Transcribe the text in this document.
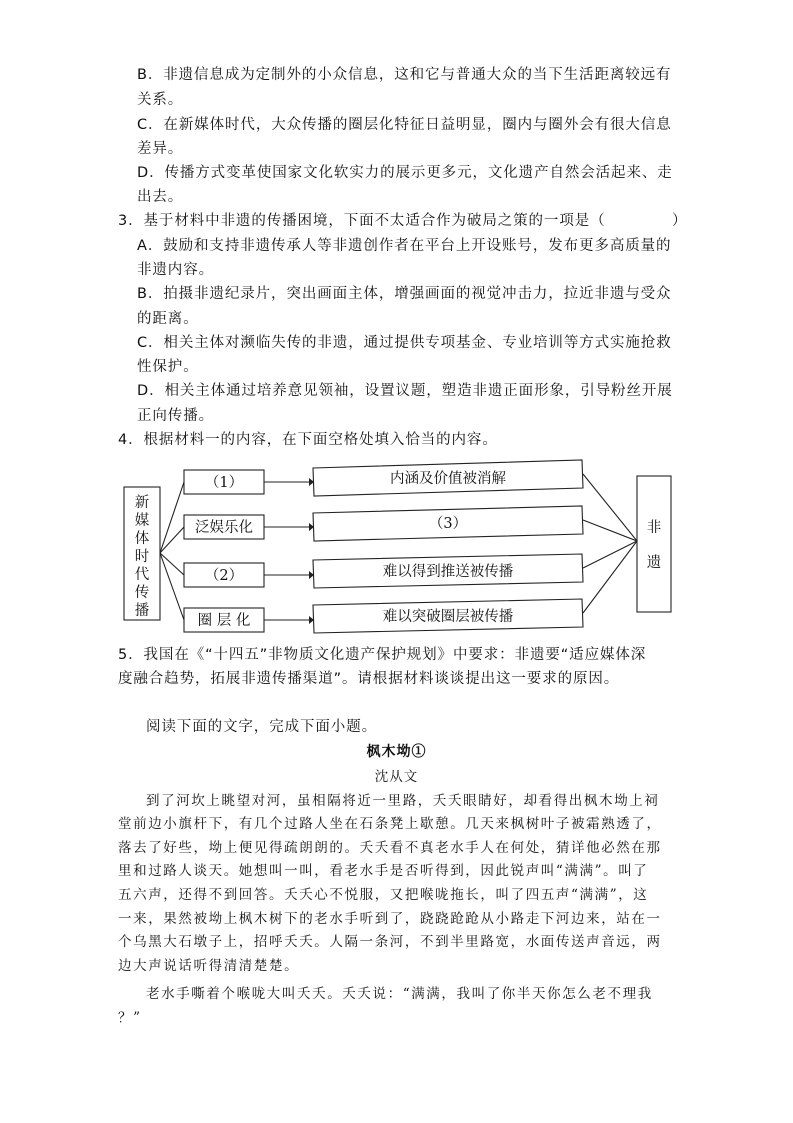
B．非遗信息成为定制外的小众信息，这和它与普通大众的当下生活距离较远有
关系。
C．在新媒体时代，大众传播的圈层化特征日益明显，圈内与圈外会有很大信息
差异。
D．传播方式变革使国家文化软实力的展示更多元，文化遗产自然会活起来、走
出去。
3．基于材料中非遗的传播困境，下面不太适合作为破局之策的一项是（	）
A．鼓励和支持非遗传承人等非遗创作者在平台上开设账号，发布更多高质量的
非遗内容。
B．拍摄非遗纪录片，突出画面主体，增强画面的视觉冲击力，拉近非遗与受众
的距离。
C．相关主体对濒临失传的非遗，通过提供专项基金、专业培训等方式实施抢救
性保护。
D．相关主体通过培养意见领袖，设置议题，塑造非遗正面形象，引导粉丝开展
正向传播。
4．根据材料一的内容，在下面空格处填入恰当的内容。
新
媒
体
时
代
传
播
（1）
泛娱乐化
（2）
圈 层 化
内涵及价值被消解
（3）
难以得到推送被传播
难以突破圈层被传播
非
遗
5．我国在《“十四五”非物质文化遗产保护规划》中要求：非遗要“适应媒体深
度融合趋势，拓展非遗传播渠道”。请根据材料谈谈提出这一要求的原因。
阅读下面的文字，完成下面小题。
枫木坳①
沈从文
到了河坎上眺望对河，虽相隔将近一里路，夭夭眼睛好，却看得出枫木坳上祠
堂前边小旗杆下，有几个过路人坐在石条凳上歇憩。几天来枫树叶子被霜熟透了，
落去了好些，坳上便见得疏朗朗的。夭夭看不真老水手人在何处，猜详他必然在那
里和过路人谈天。她想叫一叫，看老水手是否听得到，因此锐声叫“满满”。叫了
五六声，还得不到回答。夭夭心不悦服，又把喉咙拖长，叫了四五声“满满”，这
一来，果然被坳上枫木树下的老水手听到了，跷跷跄跄从小路走下河边来，站在一
个乌黑大石墩子上，招呼夭夭。人隔一条河，不到半里路宽，水面传送声音远，两
边大声说话听得清清楚楚。
老水手嘶着个喉咙大叫夭夭。夭夭说：“满满，我叫了你半天你怎么老不理我
？”
